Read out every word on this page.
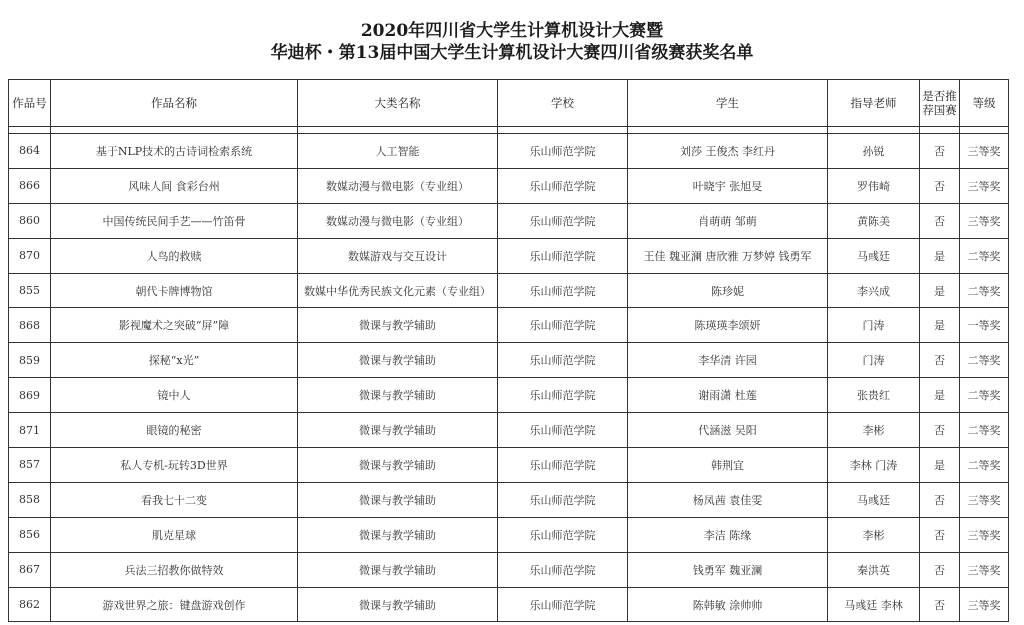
2020年四川省大学生计算机设计大赛暨
华迪杯・第13届中国大学生计算机设计大赛四川省级赛获奖名单
作品号	作品名称	大类名称	学校	学生	指导老师	是否推荐国赛	等级

864	基于NLP技术的古诗词检索系统	人工智能	乐山师范学院	刘莎 王俊杰 李红丹	孙锐	否	三等奖
866	风味人间 食彩台州	数媒动漫与微电影（专业组）	乐山师范学院	叶晓宇 张旭旻	罗伟崎	否	三等奖
860	中国传统民间手艺——竹笛骨	数媒动漫与微电影（专业组）	乐山师范学院	肖萌萌 邹萌	黄陈美	否	三等奖
870	人鸟的救赎	数媒游戏与交互设计	乐山师范学院	王佳 魏亚澜 唐欣雅 万梦婷 钱勇军	马彧廷	是	二等奖
855	朝代卡牌博物馆	数媒中华优秀民族文化元素（专业组）	乐山师范学院	陈珍妮	李兴成	是	二等奖
868	影视魔术之突破“屏”障	微课与教学辅助	乐山师范学院	陈瑛瑛李颂妍	门涛	是	一等奖
859	探秘“x光”	微课与教学辅助	乐山师范学院	李华清 许园	门涛	否	二等奖
869	镜中人	微课与教学辅助	乐山师范学院	谢雨潇 杜莲	张贵红	是	二等奖
871	眼镜的秘密	微课与教学辅助	乐山师范学院	代涵滋 吴阳	李彬	否	二等奖
857	私人专机-玩转3D世界	微课与教学辅助	乐山师范学院	韩荆宜	李林 门涛	是	二等奖
858	看我七十二变	微课与教学辅助	乐山师范学院	杨凤茜 袁佳雯	马彧廷	否	三等奖
856	肌克星球	微课与教学辅助	乐山师范学院	李洁 陈缘	李彬	否	三等奖
867	兵法三招教你做特效	微课与教学辅助	乐山师范学院	钱勇军 魏亚澜	秦洪英	否	三等奖
862	游戏世界之旅：键盘游戏创作	微课与教学辅助	乐山师范学院	陈韩敏 涂帅帅	马彧廷 李林	否	三等奖
